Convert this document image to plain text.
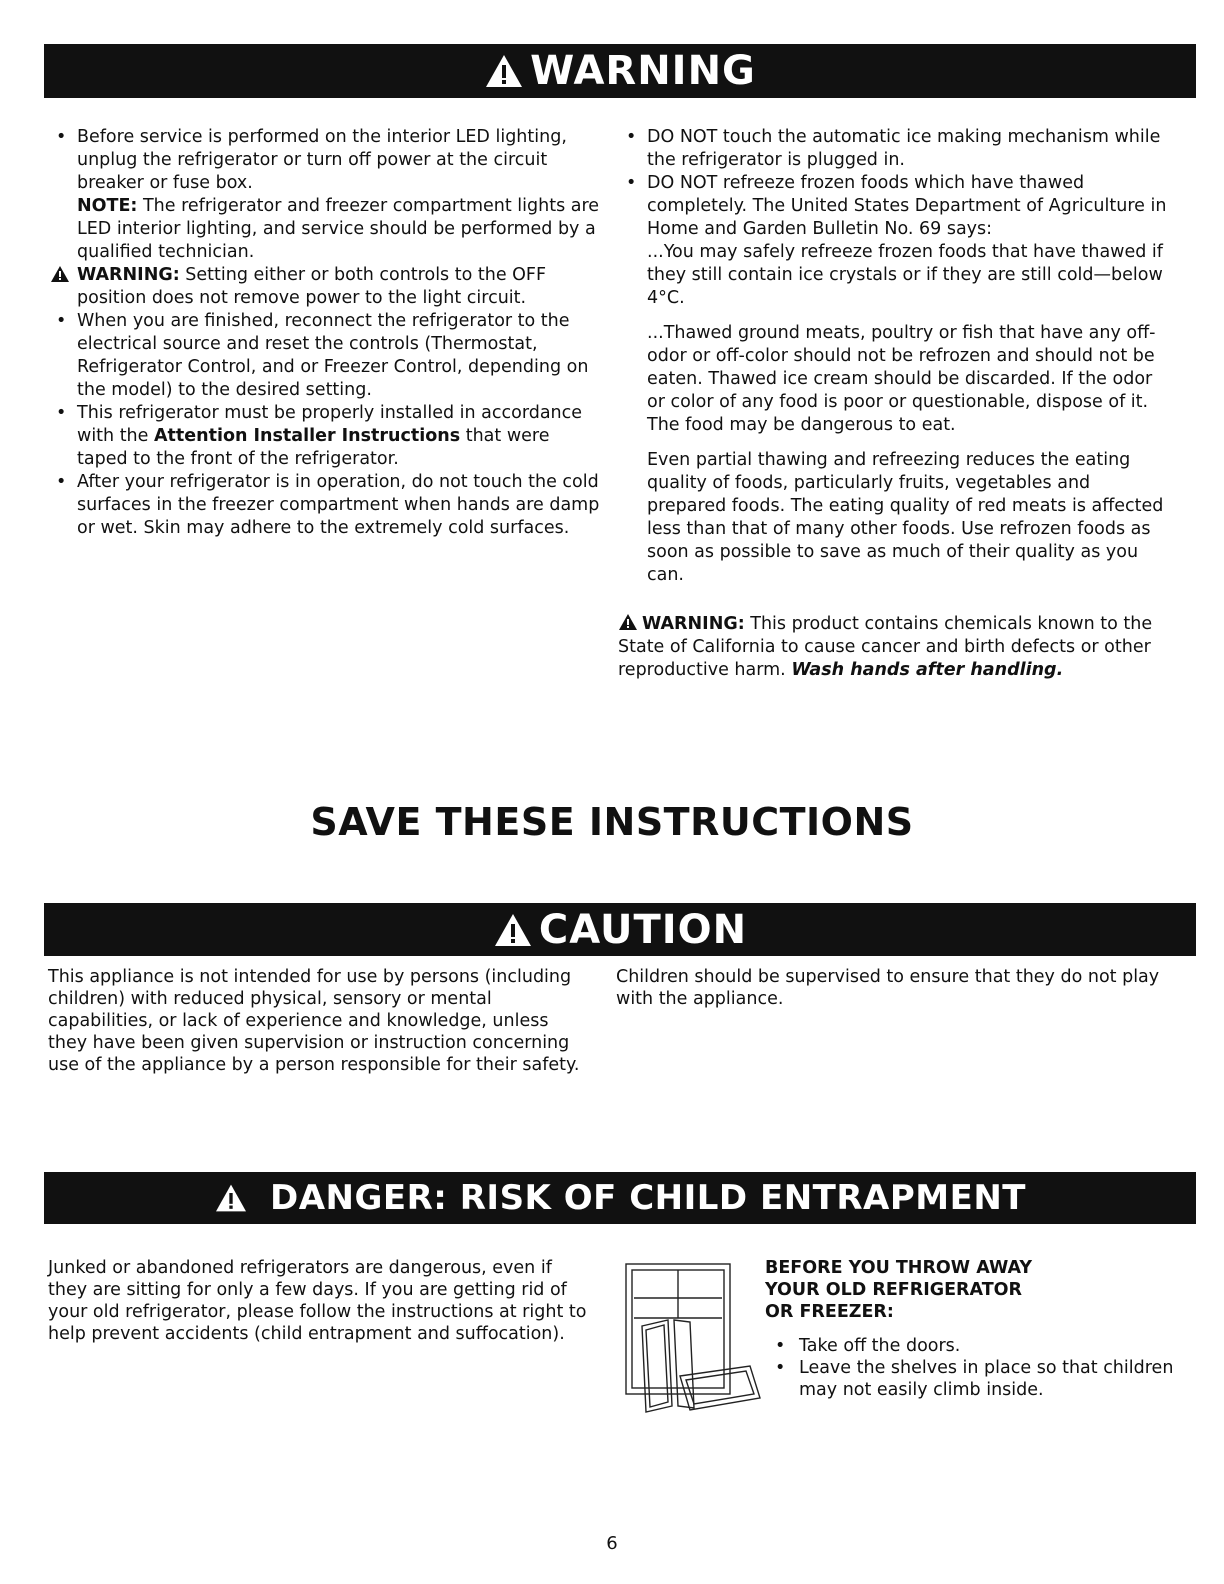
WARNING

• Before service is performed on the interior LED lighting, unplug the refrigerator or turn off power at the circuit breaker or fuse box.

NOTE: The refrigerator and freezer compartment lights are LED interior lighting, and service should be performed by a qualified technician.

WARNING: Setting either or both controls to the OFF position does not remove power to the light circuit.

• When you are finished, reconnect the refrigerator to the electrical source and reset the controls (Thermostat, Refrigerator Control, and or Freezer Control, depending on the model) to the desired setting.

• This refrigerator must be properly installed in accordance with the Attention Installer Instructions that were taped to the front of the refrigerator.

• After your refrigerator is in operation, do not touch the cold surfaces in the freezer compartment when hands are damp or wet. Skin may adhere to the extremely cold surfaces.

• DO NOT touch the automatic ice making mechanism while the refrigerator is plugged in.

• DO NOT refreeze frozen foods which have thawed completely. The United States Department of Agriculture in Home and Garden Bulletin No. 69 says:

...You may safely refreeze frozen foods that have thawed if they still contain ice crystals or if they are still cold—below 4°C.

...Thawed ground meats, poultry or fish that have any off-odor or off-color should not be refrozen and should not be eaten. Thawed ice cream should be discarded. If the odor or color of any food is poor or questionable, dispose of it. The food may be dangerous to eat.

Even partial thawing and refreezing reduces the eating quality of foods, particularly fruits, vegetables and prepared foods. The eating quality of red meats is affected less than that of many other foods. Use refrozen foods as soon as possible to save as much of their quality as you can.

WARNING: This product contains chemicals known to the State of California to cause cancer and birth defects or other reproductive harm. Wash hands after handling.

SAVE THESE INSTRUCTIONS
CAUTION
This appliance is not intended for use by persons (including children) with reduced physical, sensory or mental capabilities, or lack of experience and knowledge, unless they have been given supervision or instruction concerning use of the appliance by a person responsible for their safety.
Children should be supervised to ensure that they do not play with the appliance.
DANGER: RISK OF CHILD ENTRAPMENT
Junked or abandoned refrigerators are dangerous, even if they are sitting for only a few days. If you are getting rid of your old refrigerator, please follow the instructions at right to help prevent accidents (child entrapment and suffocation).
BEFORE YOU THROW AWAY
YOUR OLD REFRIGERATOR
OR FREEZER:

• Take off the doors.

• Leave the shelves in place so that children may not easily climb inside.

6
